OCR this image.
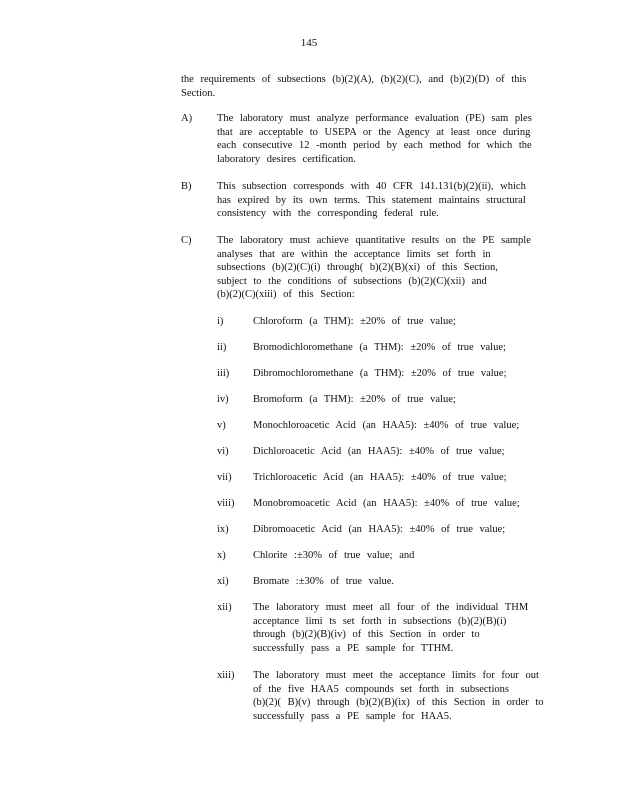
145
the requirements of subsections (b)(2)(A), (b)(2)(C), and (b)(2)(D) of this
Section.
A) The laboratory must analyze performance evaluation (PE) sam ples
that are acceptable to USEPA or the Agency at least once during
each consecutive 12 -month period by each method for which the
laboratory desires certification.
B) This subsection corresponds with 40 CFR 141.131(b)(2)(ii), which
has expired by its own terms. This statement maintains structural
consistency with the corresponding federal rule.
C) The laboratory must achieve quantitative results on the PE sample
analyses that are within the acceptance limits set forth in
subsections (b)(2)(C)(i) through( b)(2)(B)(xi) of this Section,
subject to the conditions of subsections (b)(2)(C)(xii) and
(b)(2)(C)(xiii) of this Section:
i)	Chloroform (a THM): ±20% of true value;
ii)	Bromodichloromethane (a THM): ±20% of true value;
iii) Dibromochloromethane (a THM): ±20% of true value;
iv) Bromoform (a THM): ±20% of true value;
v)	Monochloroacetic Acid (an HAA5): ±40% of true value;
vi) Dichloroacetic Acid (an HAA5): ±40% of true value;
vii) Trichloroacetic Acid (an HAA5): ±40% of true value;
viii) Monobromoacetic Acid (an HAA5): ±40% of true value;
ix) Dibromoacetic Acid (an HAA5): ±40% of true value;
x)	Chlorite :±30% of true value; and
xi) Bromate :±30% of true value.
xii) The laboratory must meet all four of the individual THM
acceptance limi ts set forth in subsections (b)(2)(B)(i)
through (b)(2)(B)(iv) of this Section in order to
successfully pass a PE sample for TTHM.
xiii) The laboratory must meet the acceptance limits for four out
of the five HAA5 compounds set forth in subsections
(b)(2)( B)(v) through (b)(2)(B)(ix) of this Section in order to
successfully pass a PE sample for HAA5.
